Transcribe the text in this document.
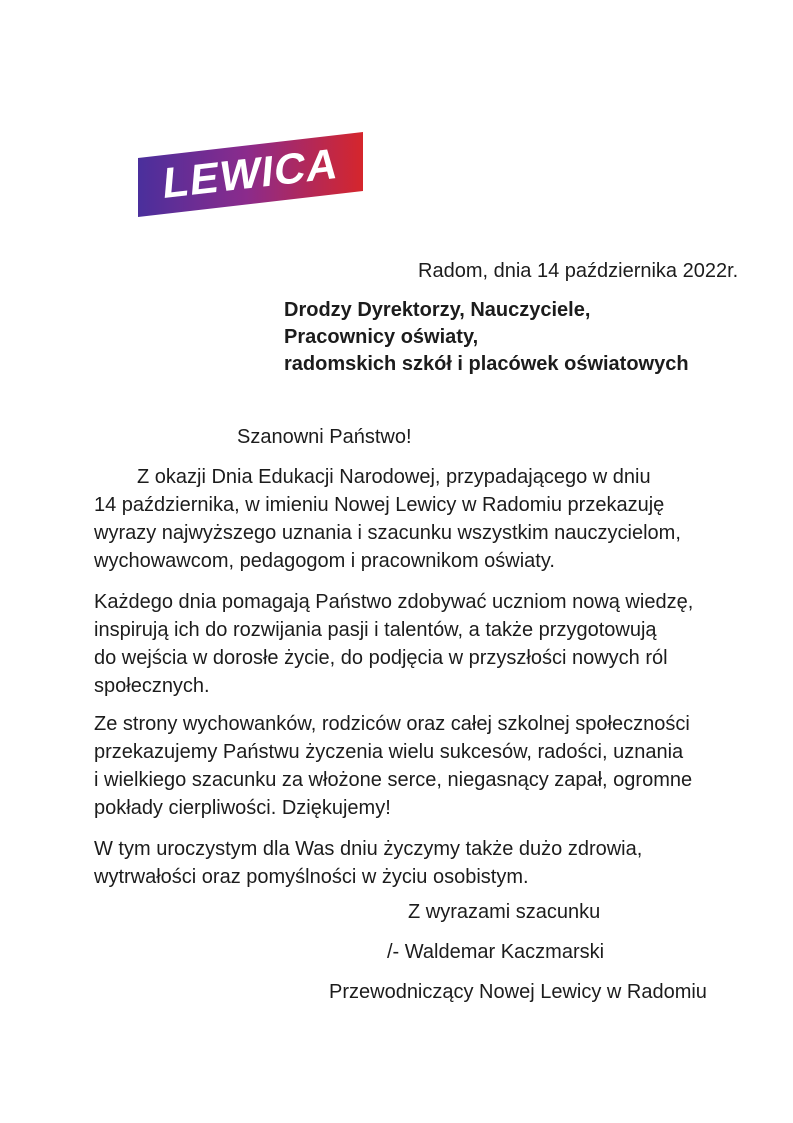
LEWICA
Radom, dnia 14 października 2022r.
Drodzy Dyrektorzy, Nauczyciele,
Pracownicy oświaty,
radomskich szkół i placówek oświatowych
Szanowni Państwo!
Z okazji Dnia Edukacji Narodowej, przypadającego w dniu
14 października, w imieniu Nowej Lewicy w Radomiu przekazuję
wyrazy najwyższego uznania i szacunku wszystkim nauczycielom,
wychowawcom, pedagogom i pracownikom oświaty.
Każdego dnia pomagają Państwo zdobywać uczniom nową wiedzę,
inspirują ich do rozwijania pasji i talentów, a także przygotowują
do wejścia w dorosłe życie, do podjęcia w przyszłości nowych ról
społecznych.
Ze strony wychowanków, rodziców oraz całej szkolnej społeczności
przekazujemy Państwu życzenia wielu sukcesów, radości, uznania
i wielkiego szacunku za włożone serce, niegasnący zapał, ogromne
pokłady cierpliwości. Dziękujemy!
W tym uroczystym dla Was dniu życzymy także dużo zdrowia,
wytrwałości oraz pomyślności w życiu osobistym.
Z wyrazami szacunku
/- Waldemar Kaczmarski
Przewodniczący Nowej Lewicy w Radomiu
